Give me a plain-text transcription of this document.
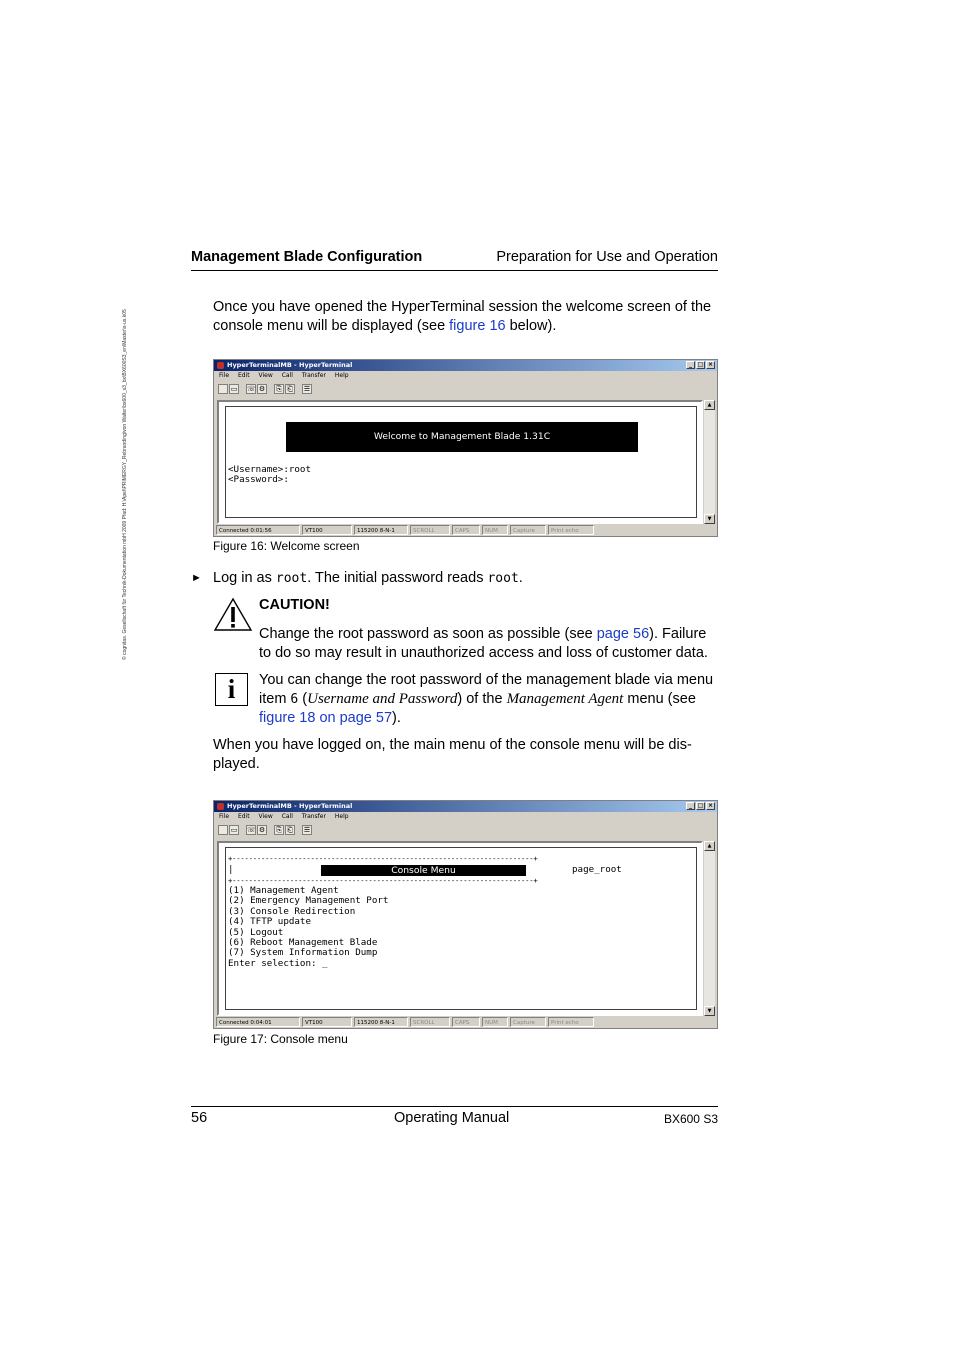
© cognitas. Gesellschaft für Technik-Dokumentation mbH 2009 Pfad: H:\Apel\PRIMERGY_Rebranding\von Walter\bx600_s3_bx\BX600S3_en\Master\s-us.k05
Management Blade Configuration	Preparation for Use and Operation
Once you have opened the HyperTerminal session the welcome screen of the console menu will be displayed (see figure 16 below).
HyperTerminalMB - HyperTerminal	_ □ ×
File Edit View Call Transfer Help
▭ ☏ ⚙	⎘ ⎗	☰
Welcome to Management Blade 1.31C
<Username>:root
<Password>:
▲
▼
Connected 0:01:56	VT100	115200 8-N-1	SCROLL	CAPS	NUM	Capture	Print echo
Figure 16: Welcome screen
► Log in as root. The initial password reads root.
CAUTION!
Change the root password as soon as possible (see page 56). Failure to do so may result in unauthorized access and loss of customer data.
i	You can change the root password of the management blade via menu item 6 (Username and Password) of the Management Agent menu (see figure 18 on page 57).
When you have logged on, the main menu of the console menu will be dis-played.
HyperTerminalMB - HyperTerminal	_ □ ×
File Edit View Call Transfer Help
▭ ☏ ⚙	⎘ ⎗	☰
+-------------------------------------------------------------------------+
|	Console Menu	page_root
+-------------------------------------------------------------------------+
(1) Management Agent
(2) Emergency Management Port
(3) Console Redirection
(4) TFTP update
(5) Logout
(6) Reboot Management Blade
(7) System Information Dump
Enter selection: _
▲
▼
Connected 0:04:01	VT100	115200 8-N-1	SCROLL	CAPS	NUM	Capture	Print echo
Figure 17: Console menu
56	Operating Manual	BX600 S3
